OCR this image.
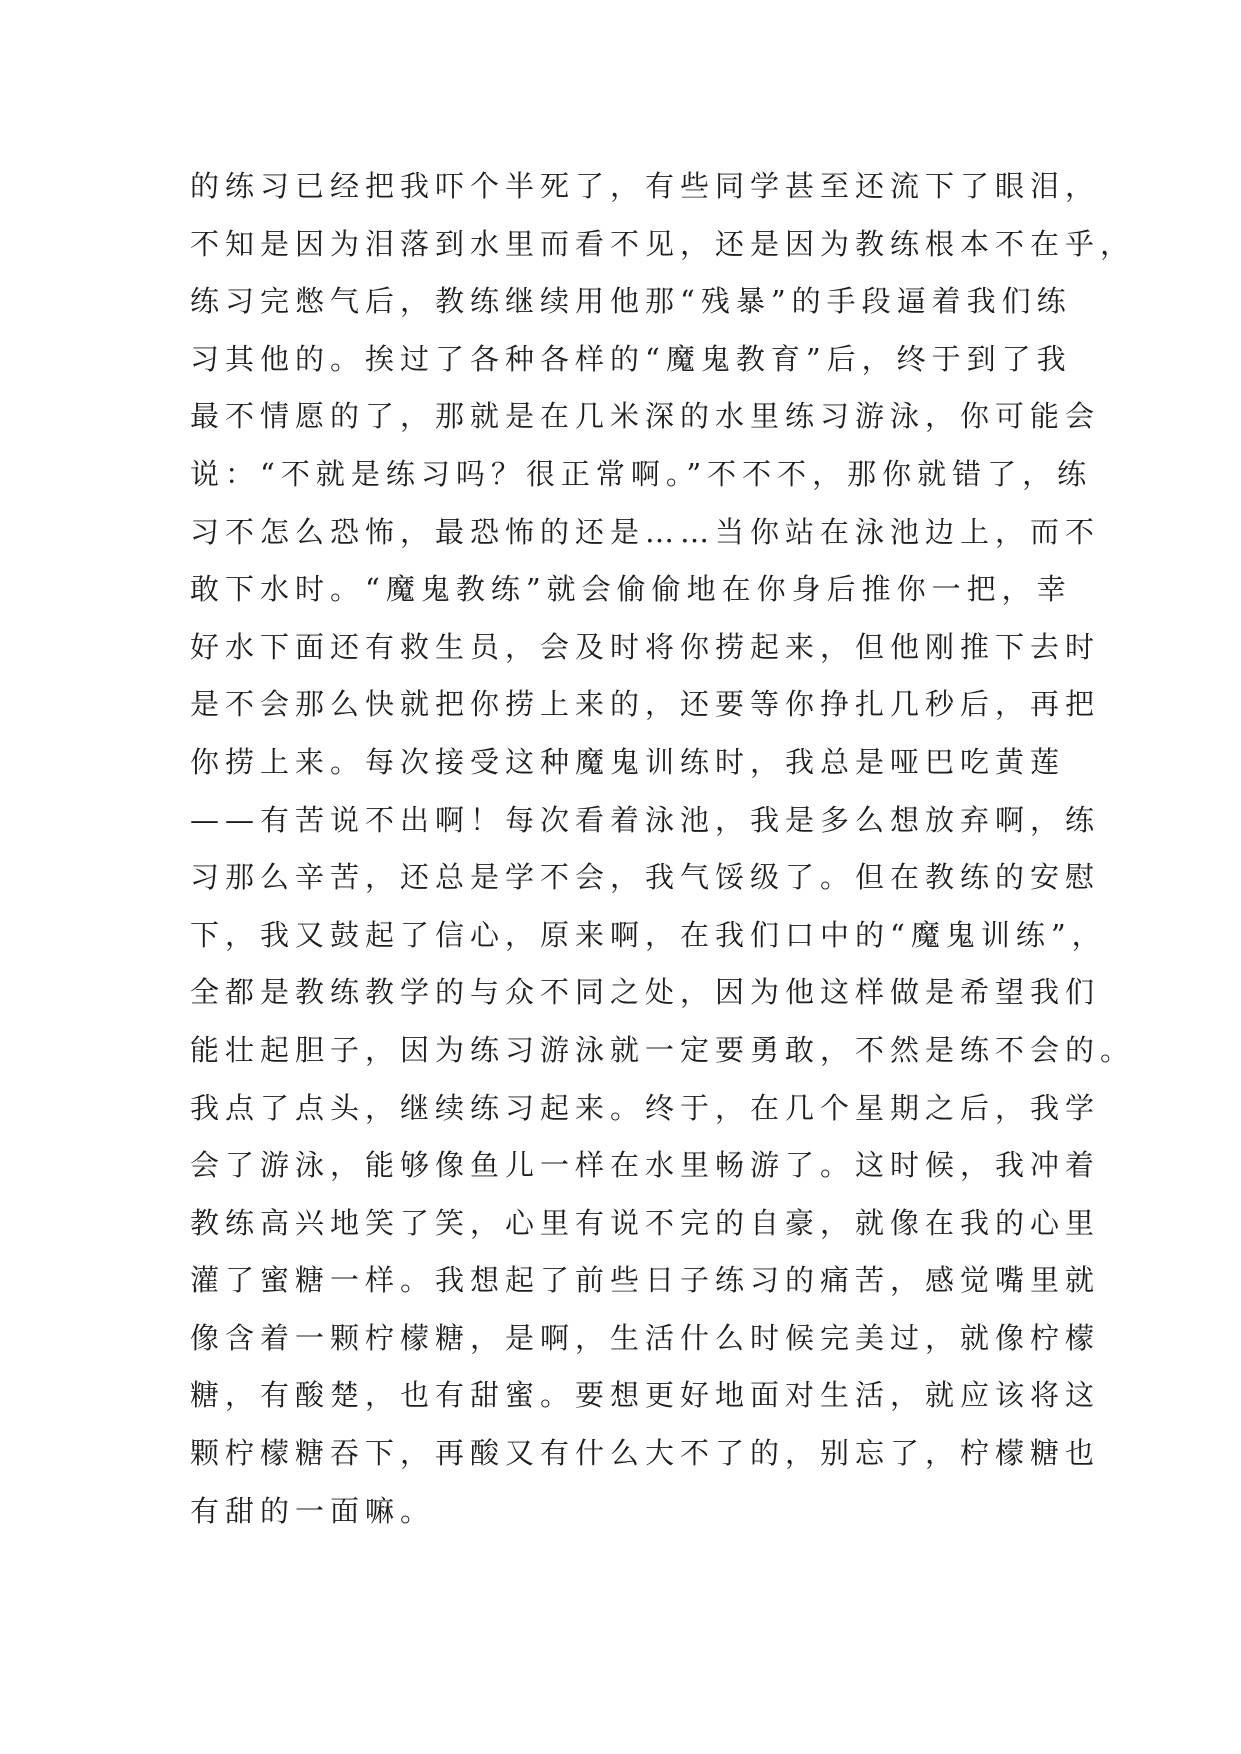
的练习已经把我吓个半死了，有些同学甚至还流下了眼泪，
不知是因为泪落到水里而看不见，还是因为教练根本不在乎，
练习完憋气后，教练继续用他那“残暴”的手段逼着我们练
习其他的。挨过了各种各样的“魔鬼教育”后，终于到了我
最不情愿的了，那就是在几米深的水里练习游泳，你可能会
说：“不就是练习吗？很正常啊。”不不不，那你就错了，练
习不怎么恐怖，最恐怖的还是……当你站在泳池边上，而不
敢下水时。“魔鬼教练”就会偷偷地在你身后推你一把，幸
好水下面还有救生员，会及时将你捞起来，但他刚推下去时
是不会那么快就把你捞上来的，还要等你挣扎几秒后，再把
你捞上来。每次接受这种魔鬼训练时，我总是哑巴吃黄莲
——有苦说不出啊！每次看着泳池，我是多么想放弃啊，练
习那么辛苦，还总是学不会，我气馁级了。但在教练的安慰
下，我又鼓起了信心，原来啊，在我们口中的“魔鬼训练”，
全都是教练教学的与众不同之处，因为他这样做是希望我们
能壮起胆子，因为练习游泳就一定要勇敢，不然是练不会的。
我点了点头，继续练习起来。终于，在几个星期之后，我学
会了游泳，能够像鱼儿一样在水里畅游了。这时候，我冲着
教练高兴地笑了笑，心里有说不完的自豪，就像在我的心里
灌了蜜糖一样。我想起了前些日子练习的痛苦，感觉嘴里就
像含着一颗柠檬糖，是啊，生活什么时候完美过，就像柠檬
糖，有酸楚，也有甜蜜。要想更好地面对生活，就应该将这
颗柠檬糖吞下，再酸又有什么大不了的，别忘了，柠檬糖也
有甜的一面嘛。
